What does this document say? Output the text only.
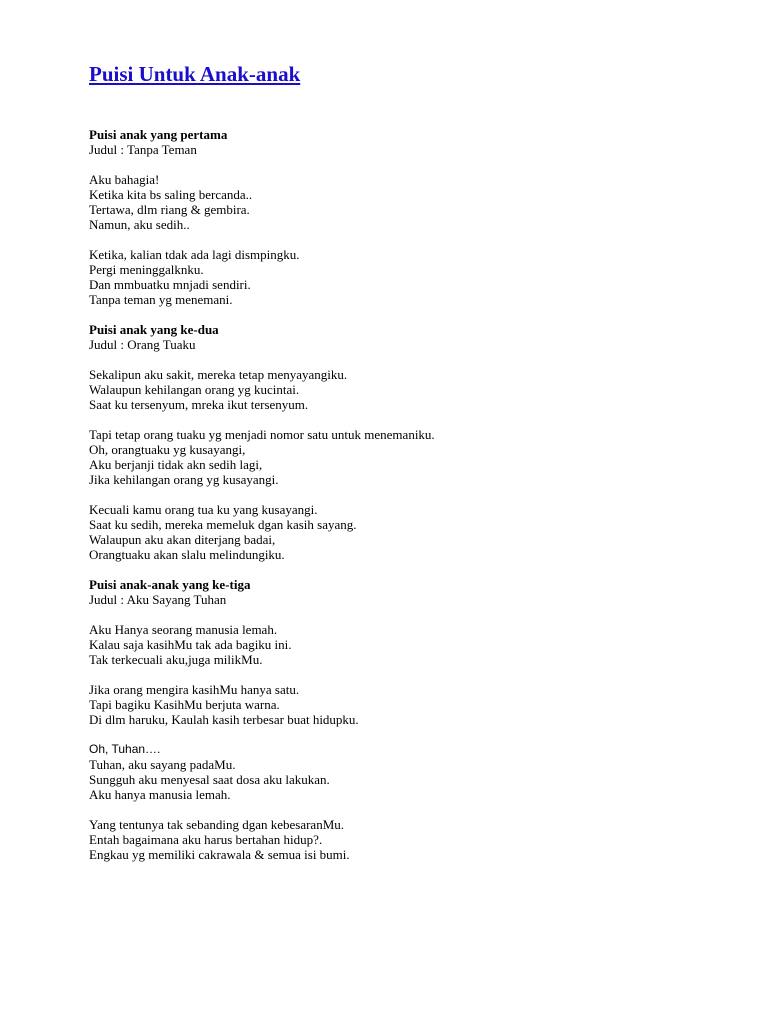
Puisi Untuk Anak-anak

Puisi anak yang pertama

Judul : Tanpa Teman

Aku bahagia!
Ketika kita bs saling bercanda..
Tertawa, dlm riang & gembira.
Namun, aku sedih..
Ketika, kalian tdak ada lagi dismpingku.
Pergi meninggalknku.
Dan mmbuatku mnjadi sendiri.
Tanpa teman yg menemani.

Puisi anak yang ke-dua

Judul : Orang Tuaku

Sekalipun aku sakit, mereka tetap menyayangiku.
Walaupun kehilangan orang yg kucintai.
Saat ku tersenyum, mreka ikut tersenyum.
Tapi tetap orang tuaku yg menjadi nomor satu untuk menemaniku.
Oh, orangtuaku yg kusayangi,
Aku berjanji tidak akn sedih lagi,
Jika kehilangan orang yg kusayangi.
Kecuali kamu orang tua ku yang kusayangi.
Saat ku sedih, mereka memeluk dgan kasih sayang.
Walaupun aku akan diterjang badai,
Orangtuaku akan slalu melindungiku.

Puisi anak-anak yang ke-tiga

Judul : Aku Sayang Tuhan

Aku Hanya seorang manusia lemah.
Kalau saja kasihMu tak ada bagiku ini.
Tak terkecuali aku,juga milikMu.
Jika orang mengira kasihMu hanya satu.
Tapi bagiku KasihMu berjuta warna.
Di dlm haruku, Kaulah kasih terbesar buat hidupku.
Oh, Tuhan….
Tuhan, aku sayang padaMu.
Sungguh aku menyesal saat dosa aku lakukan.
Aku hanya manusia lemah.
Yang tentunya tak sebanding dgan kebesaranMu.
Entah bagaimana aku harus bertahan hidup?.
Engkau yg memiliki cakrawala & semua isi bumi.
